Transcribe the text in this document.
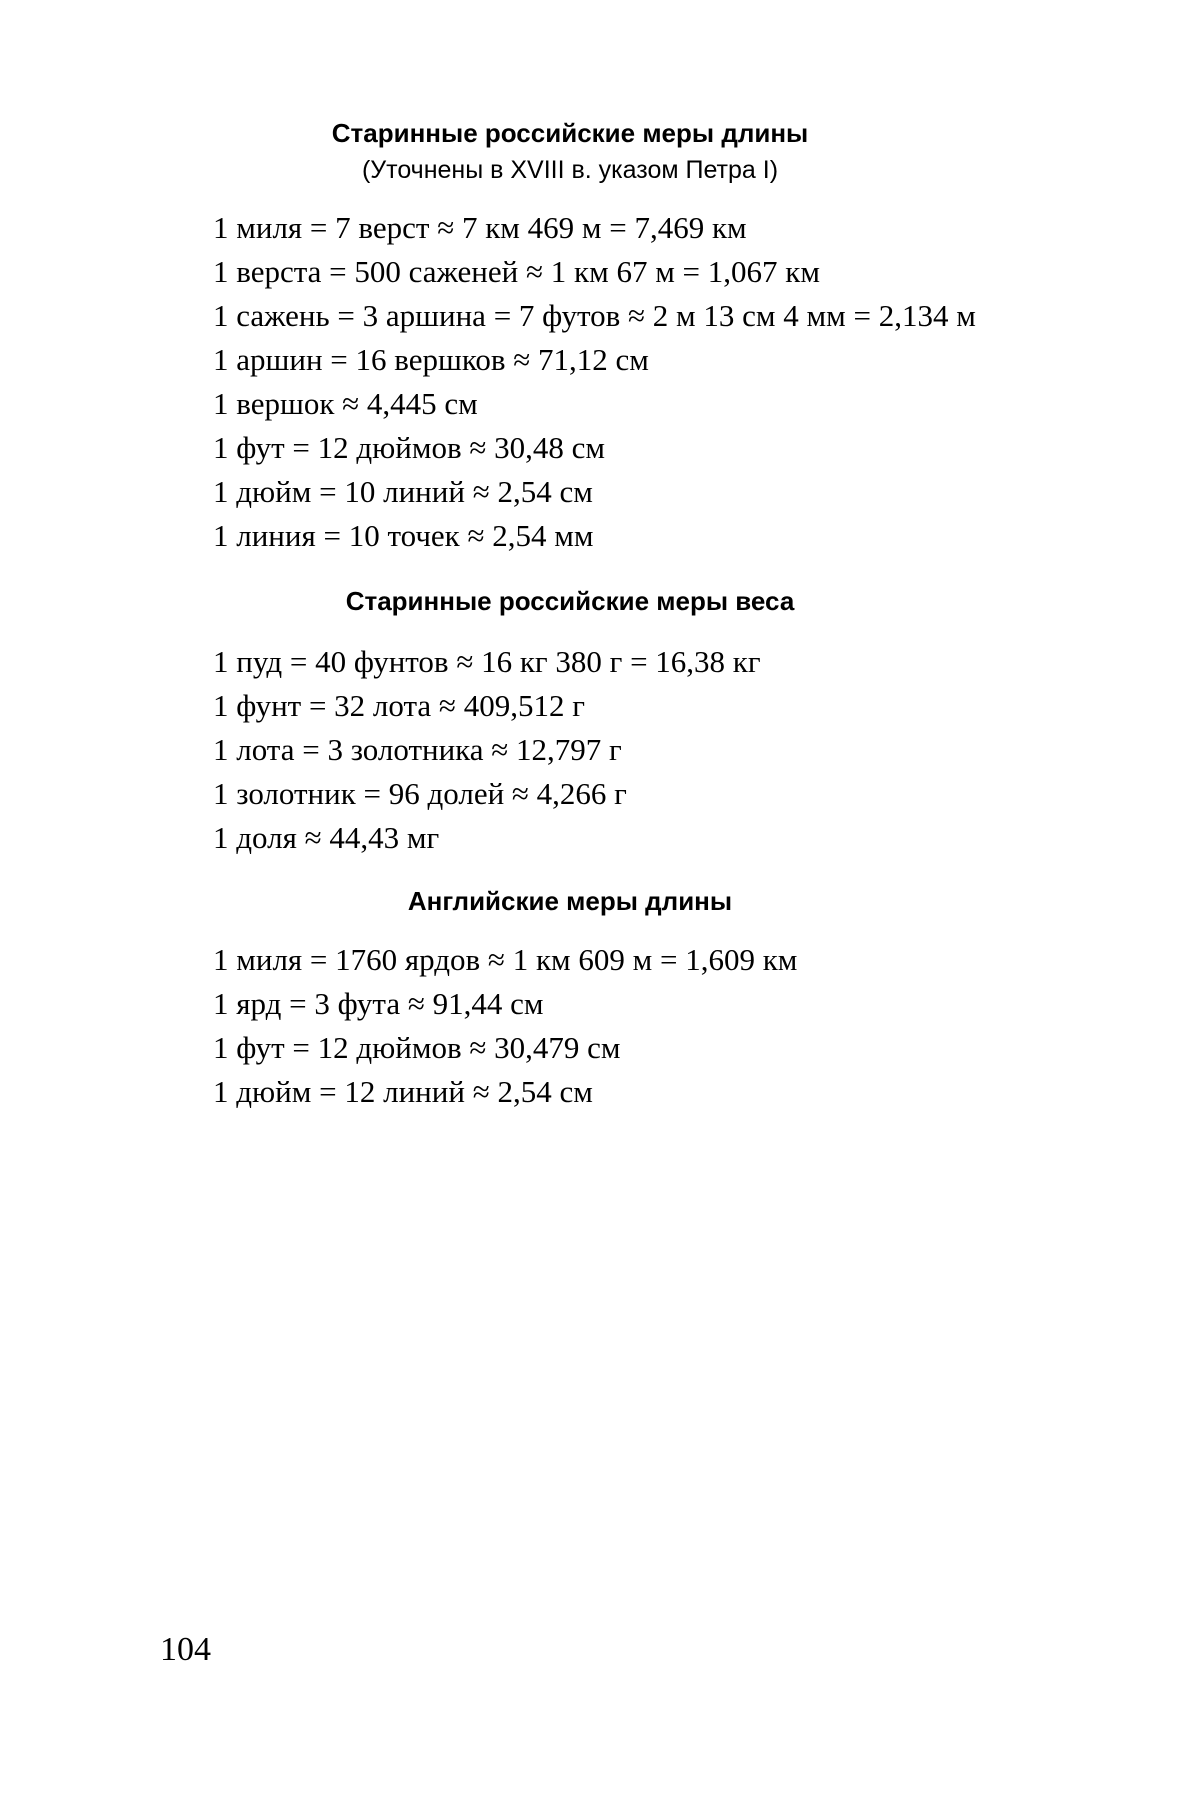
Старинные российские меры длины

(Уточнены в XVIII в. указом Петра I)

1 миля = 7 верст ≈ 7 км 469 м = 7,469 км
1 верста = 500 саженей ≈ 1 км 67 м = 1,067 км
1 сажень = 3 аршина = 7 футов ≈ 2 м 13 см 4 мм = 2,134 м
1 аршин = 16 вершков ≈ 71,12 см
1 вершок ≈ 4,445 см
1 фут = 12 дюймов ≈ 30,48 см
1 дюйм = 10 линий ≈ 2,54 см
1 линия = 10 точек ≈ 2,54 мм
Старинные российские меры веса
1 пуд = 40 фунтов ≈ 16 кг 380 г = 16,38 кг
1 фунт = 32 лота ≈ 409,512 г
1 лота = 3 золотника ≈ 12,797 г
1 золотник = 96 долей ≈ 4,266 г
1 доля ≈ 44,43 мг
Английские меры длины
1 миля = 1760 ярдов ≈ 1 км 609 м = 1,609 км
1 ярд = 3 фута ≈ 91,44 см
1 фут = 12 дюймов ≈ 30,479 см
1 дюйм = 12 линий ≈ 2,54 см

104
